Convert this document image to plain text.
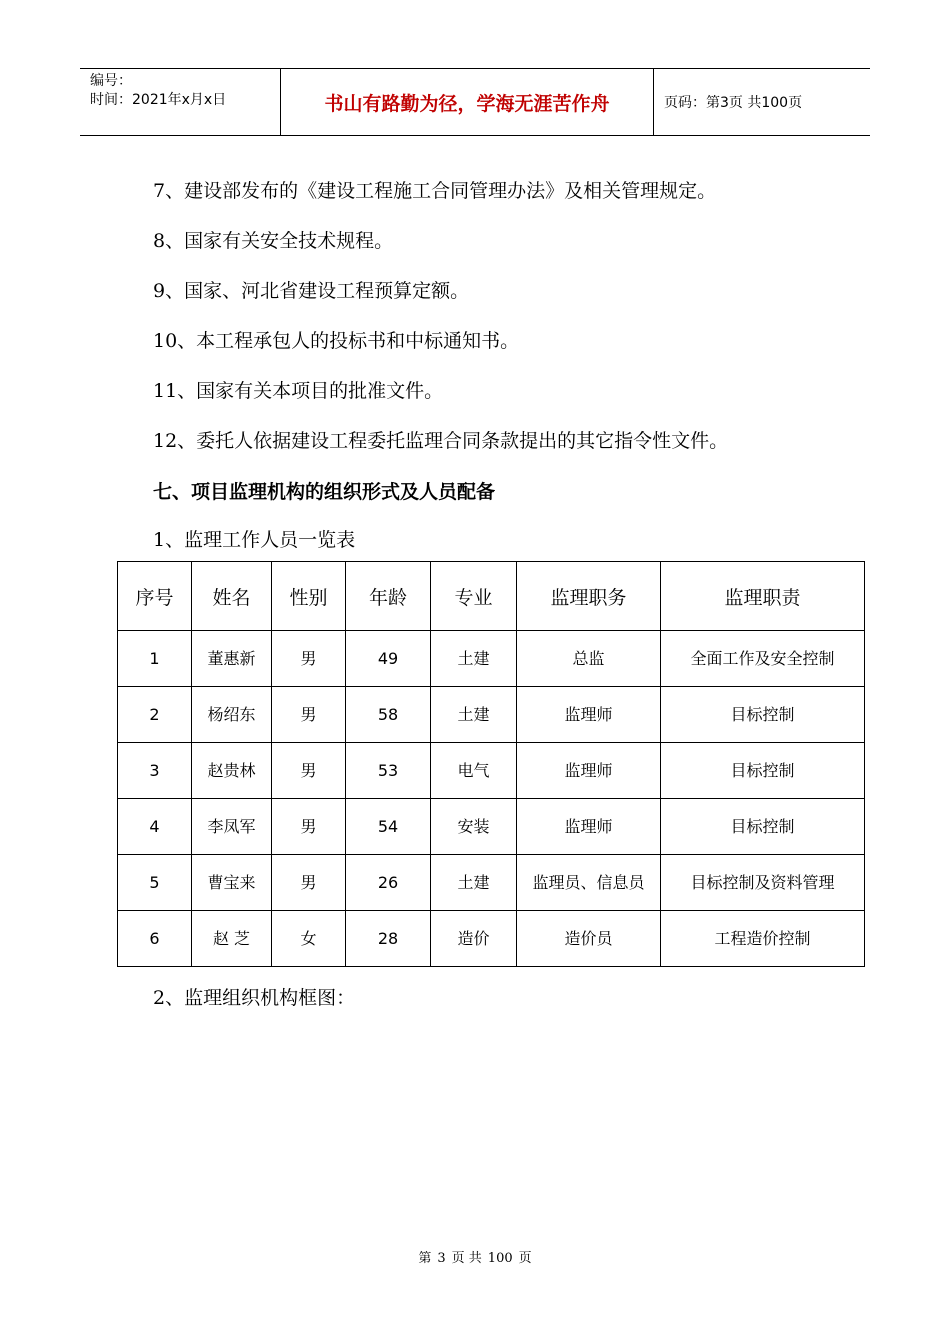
编号：
时间：2021年x月x日	书山有路勤为径，学海无涯苦作舟	页码：第3页 共100页
7、建设部发布的《建设工程施工合同管理办法》及相关管理规定。
8、国家有关安全技术规程。
9、国家、河北省建设工程预算定额。
10、本工程承包人的投标书和中标通知书。
11、国家有关本项目的批准文件。
12、委托人依据建设工程委托监理合同条款提出的其它指令性文件。
七、项目监理机构的组织形式及人员配备
1、监理工作人员一览表
序号	姓名	性别	年龄	专业	监理职务	监理职责
1	董惠新	男	49	土建	总监	全面工作及安全控制
2	杨绍东	男	58	土建	监理师	目标控制
3	赵贵林	男	53	电气	监理师	目标控制
4	李凤军	男	54	安装	监理师	目标控制
5	曹宝来	男	26	土建	监理员、信息员	目标控制及资料管理
6	赵 芝	女	28	造价	造价员	工程造价控制
2、监理组织机构框图：
第 3 页 共 100 页
